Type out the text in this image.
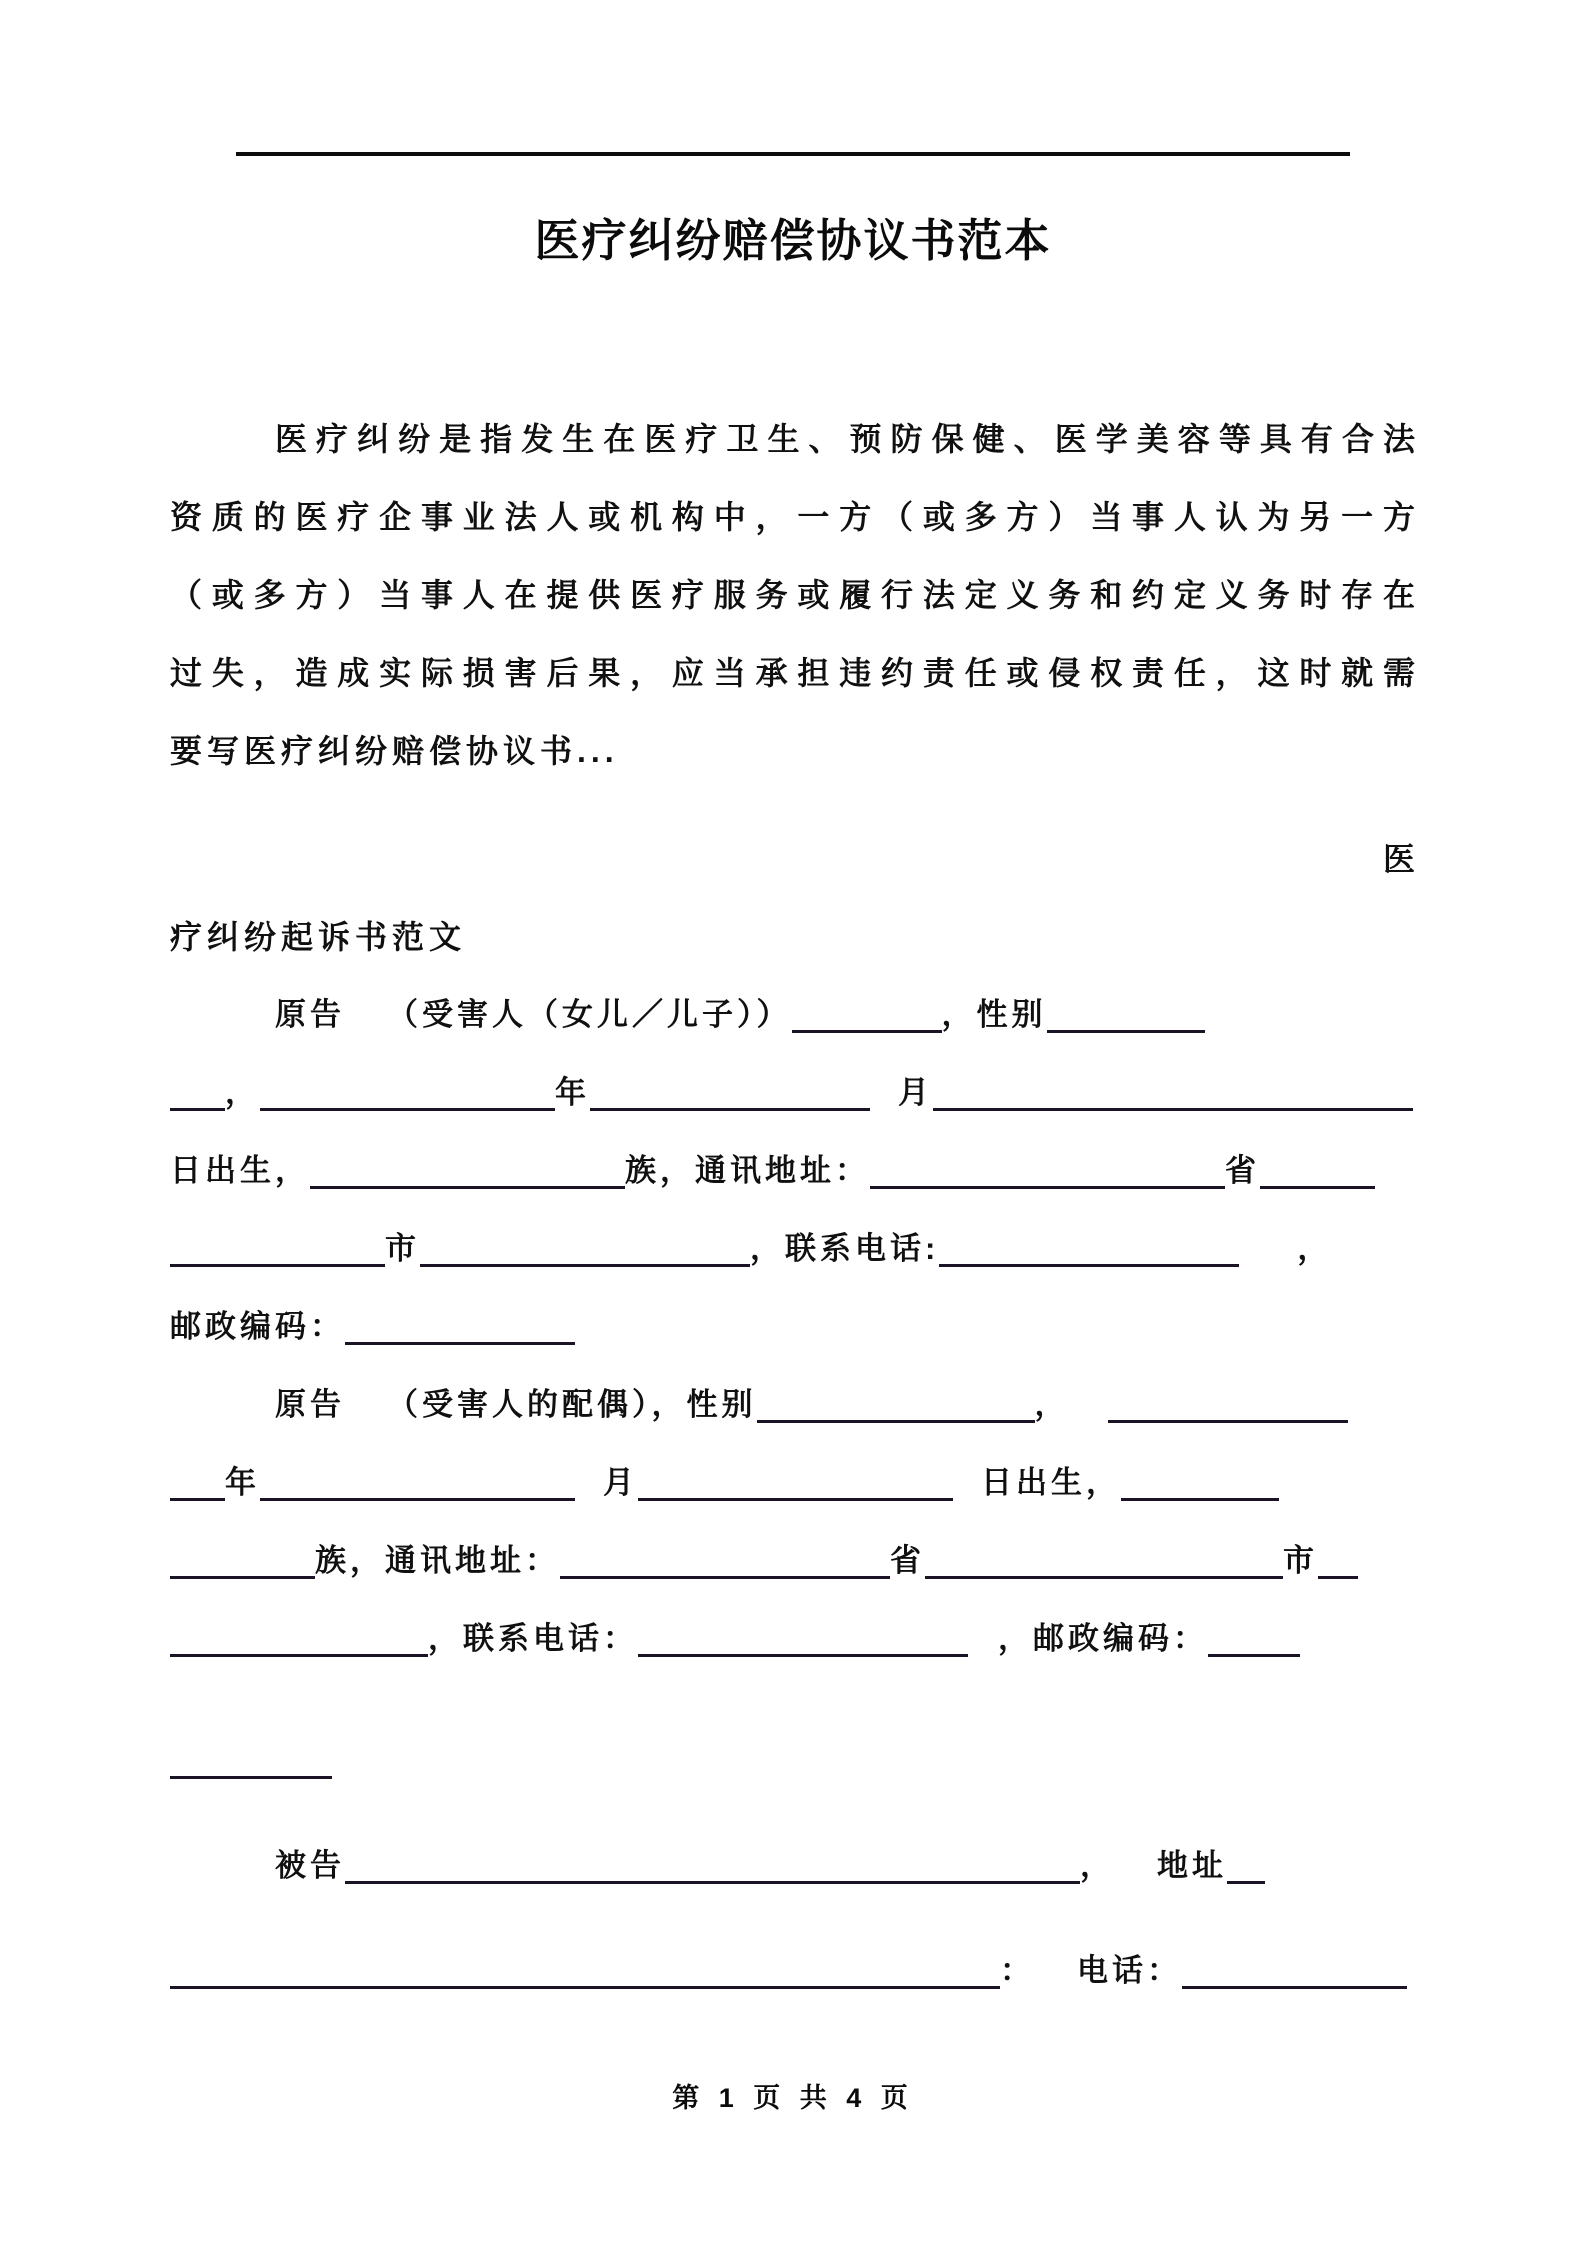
医疗纠纷赔偿协议书范本
医疗纠纷是指发生在医疗卫生、预防保健、医学美容等具有合法
资质的医疗企事业法人或机构中，一方（或多方）当事人认为另一方
（或多方）当事人在提供医疗服务或履行法定义务和约定义务时存在
过失，造成实际损害后果，应当承担违约责任或侵权责任，这时就需
要写医疗纠纷赔偿协议书...
医
疗纠纷起诉书范文
原告 （受害人（女儿／儿子））	，性别
，	年	月
日出生，	族，通讯地址：	省
市	，联系电话:	，
邮政编码：
原告 （受害人的配偶），性别	，
年	月	日出生，
族，通讯地址：	省	市
，联系电话：	，邮政编码：
被告	， 地址
： 电话：
第 1 页 共 4 页
